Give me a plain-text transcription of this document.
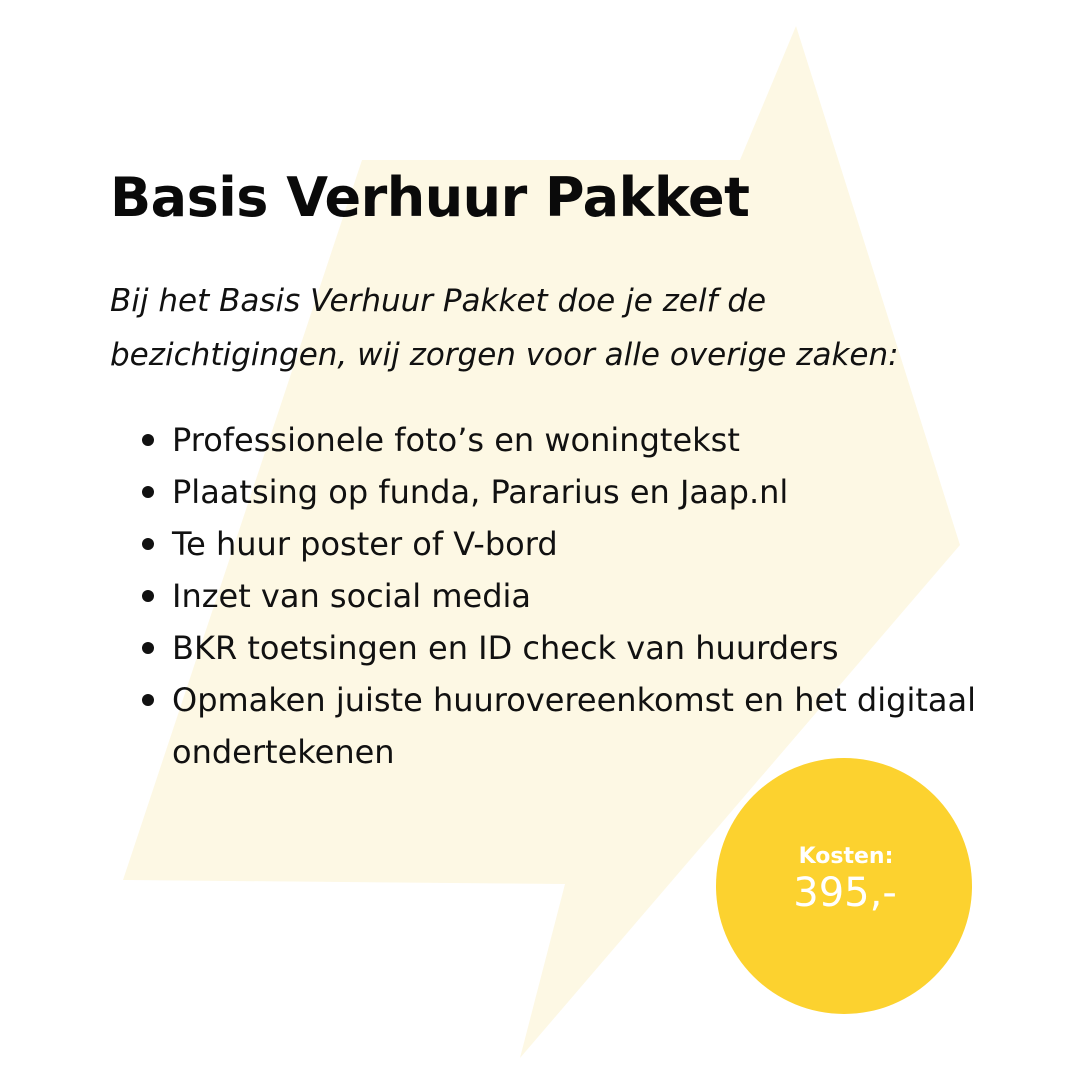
Basis Verhuur Pakket

Bij het Basis Verhuur Pakket doe je zelf de bezichtigingen, wij zorgen voor alle overige zaken:

Professionele foto’s en woningtekst
Plaatsing op funda, Pararius en Jaap.nl
Te huur poster of V-bord
Inzet van social media
BKR toetsingen en ID check van huurders
Opmaken juiste huurovereenkomst en het digitaal ondertekenen
Kosten:
395,-
